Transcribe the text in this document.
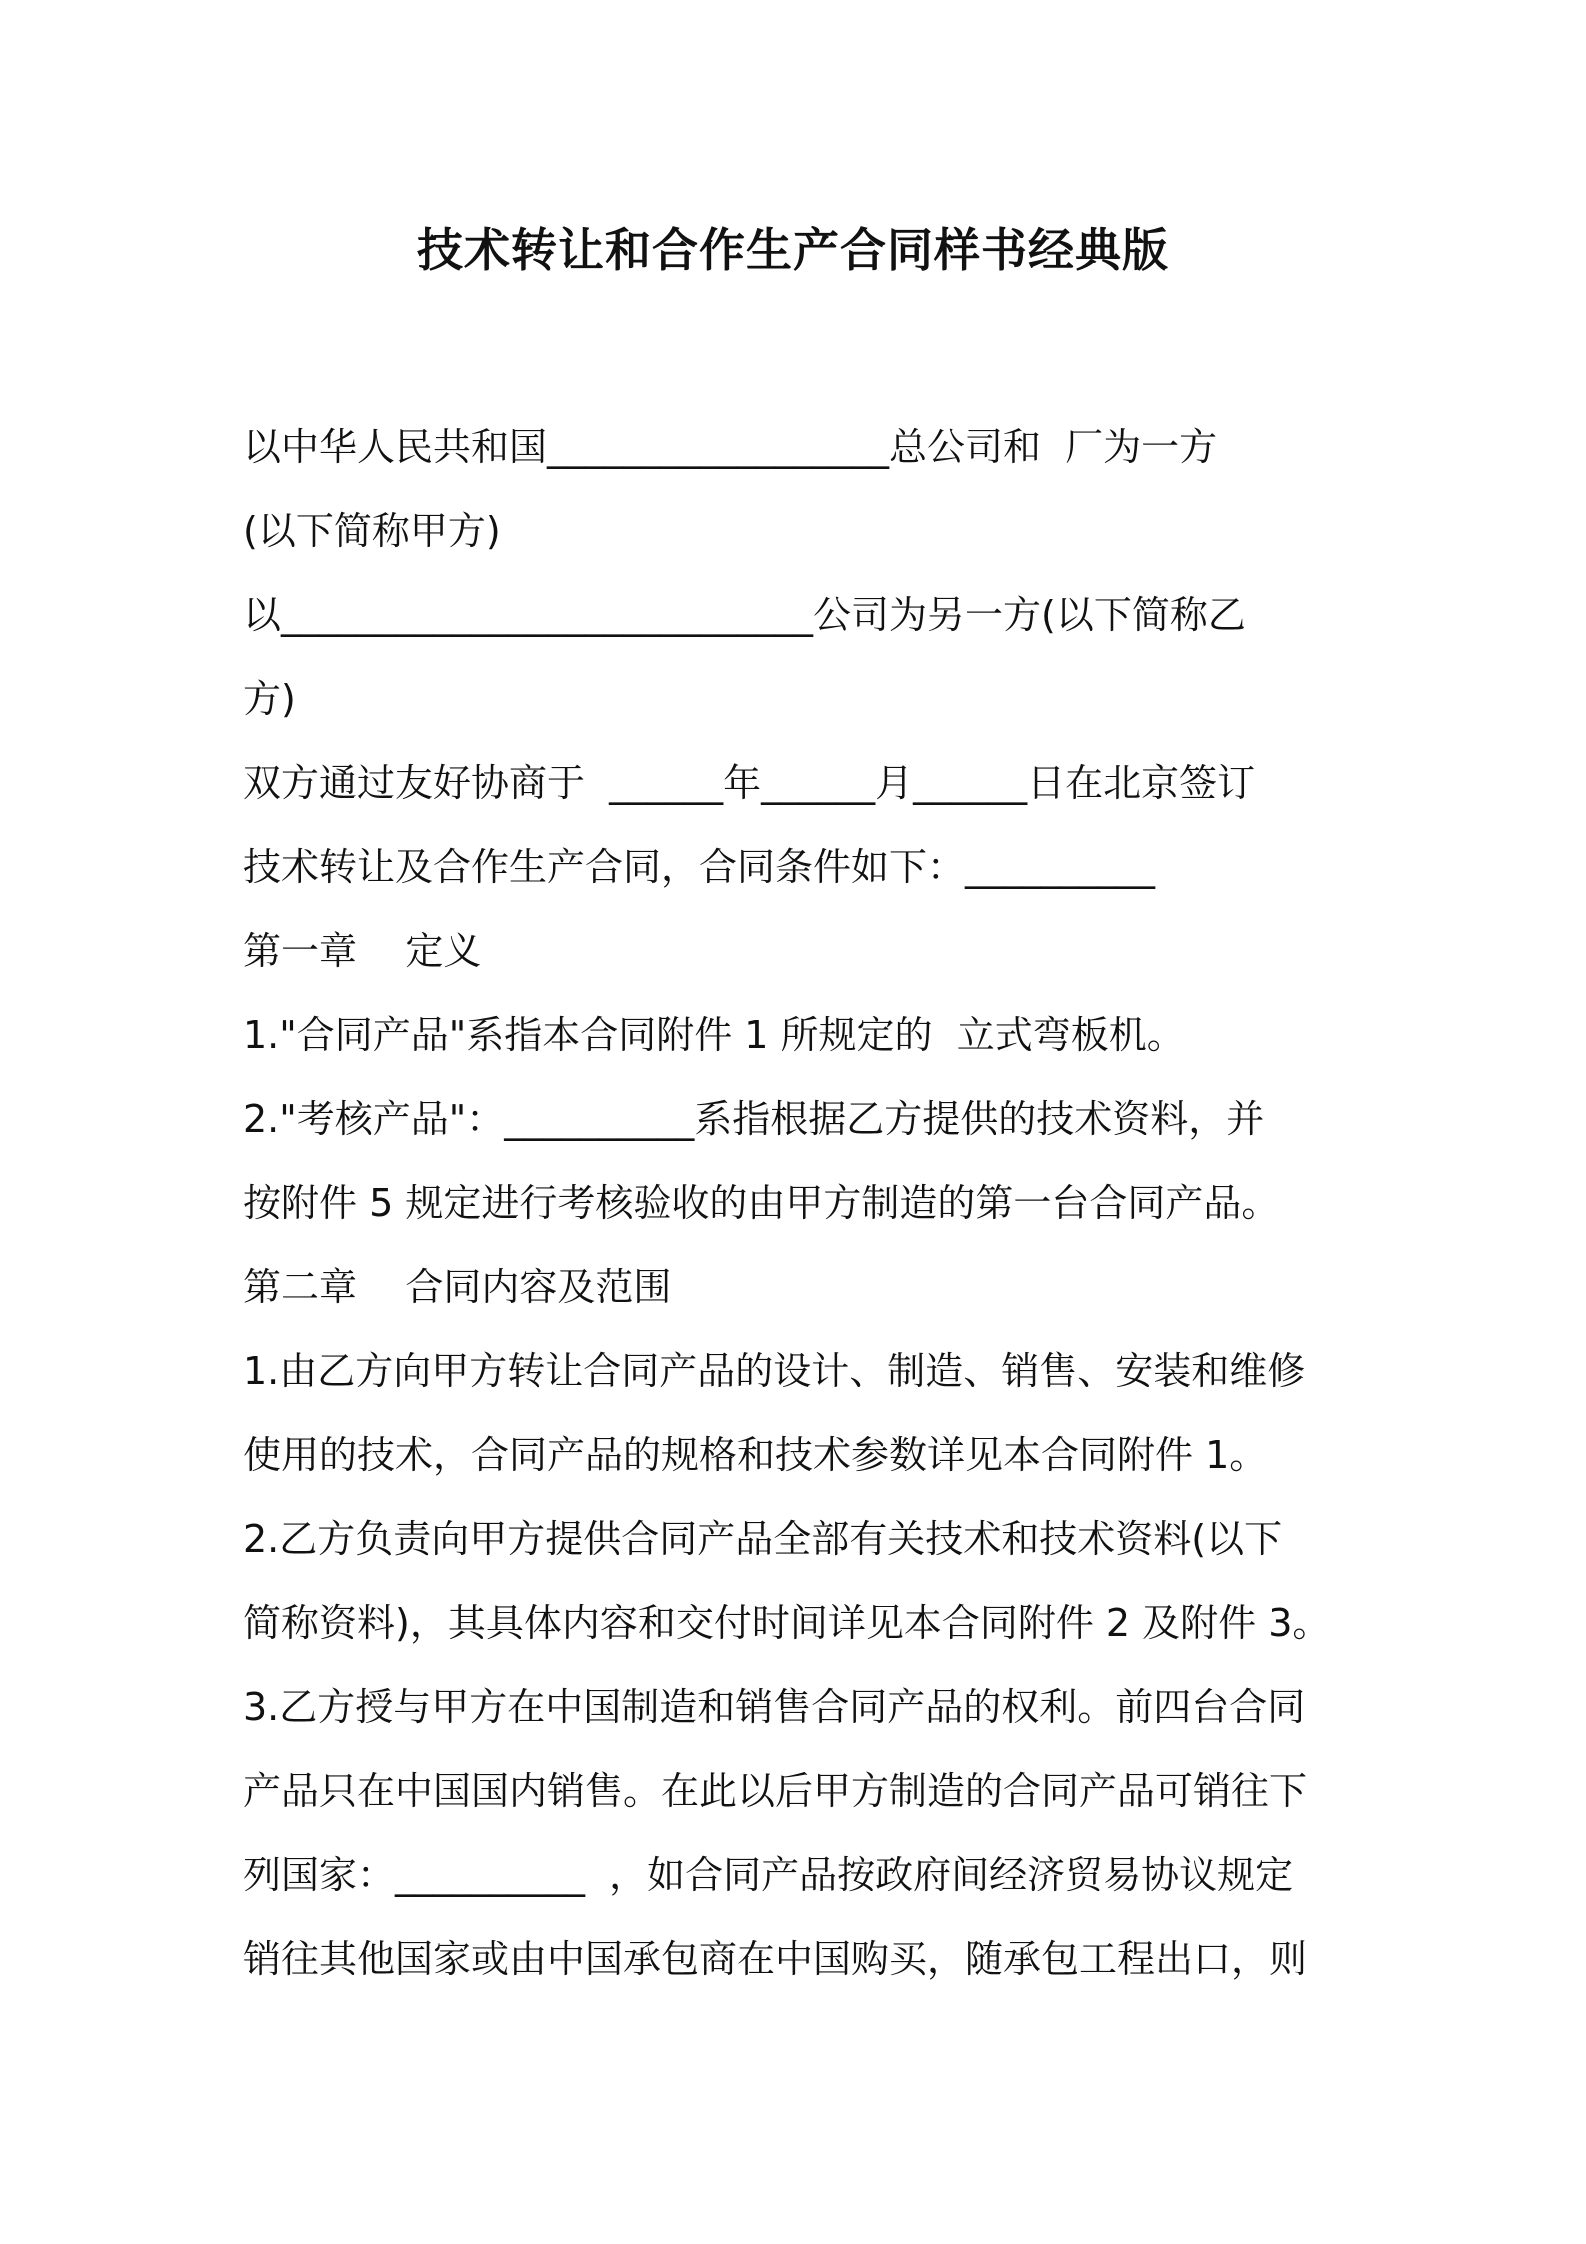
技术转让和合作生产合同样书经典版
以中华人民共和国__________________总公司和  厂为一方
(以下简称甲方)
以____________________________公司为另一方(以下简称乙
方)
双方通过友好协商于  ______年______月______日在北京签订
技术转让及合作生产合同，合同条件如下：__________
第一章    定义
1."合同产品"系指本合同附件 1 所规定的  立式弯板机。
2."考核产品"：__________系指根据乙方提供的技术资料，并
按附件 5 规定进行考核验收的由甲方制造的第一台合同产品。
第二章    合同内容及范围
1.由乙方向甲方转让合同产品的设计、制造、销售、安装和维修
使用的技术，合同产品的规格和技术参数详见本合同附件 1。
2.乙方负责向甲方提供合同产品全部有关技术和技术资料(以下
简称资料)，其具体内容和交付时间详见本合同附件 2 及附件 3。
3.乙方授与甲方在中国制造和销售合同产品的权利。前四台合同
产品只在中国国内销售。在此以后甲方制造的合同产品可销往下
列国家：__________  ，如合同产品按政府间经济贸易协议规定
销往其他国家或由中国承包商在中国购买，随承包工程出口，则
